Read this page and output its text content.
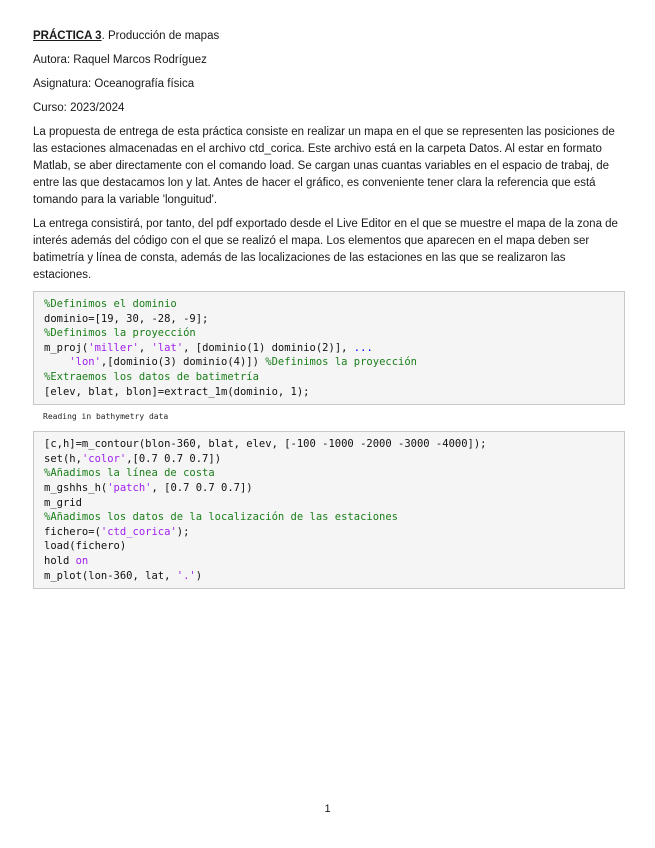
PRÁCTICA 3. Producción de mapas

Autora: Raquel Marcos Rodríguez

Asignatura: Oceanografía física

Curso: 2023/2024

La propuesta de entrega de esta práctica consiste en realizar un mapa en el que se representen las posiciones de las estaciones almacenadas en el archivo ctd_corica. Este archivo está en la carpeta Datos. Al estar en formato Matlab, se aber directamente con el comando load. Se cargan unas cuantas variables en el espacio de trabaj, de entre las que destacamos lon y lat. Antes de hacer el gráfico, es conveniente tener clara la referencia que está tomando para la variable 'longuitud'.

La entrega consistirá, por tanto, del pdf exportado desde el Live Editor en el que se muestre el mapa de la zona de interés además del código con el que se realizó el mapa. Los elementos que aparecen en el mapa deben ser batimetría y línea de consta, además de las localizaciones de las estaciones en las que se realizaron las estaciones.

%Definimos el dominio
dominio=[19, 30, -28, -9];
%Definimos la proyección
m_proj('miller', 'lat', [dominio(1) dominio(2)], ...
'lon',[dominio(3) dominio(4)]) %Definimos la proyección
%Extraemos los datos de batimetría
[elev, blat, blon]=extract_1m(dominio, 1);
Reading in bathymetry data
[c,h]=m_contour(blon-360, blat, elev, [-100 -1000 -2000 -3000 -4000]);
set(h,'color',[0.7 0.7 0.7])
%Añadimos la línea de costa
m_gshhs_h('patch', [0.7 0.7 0.7])
m_grid
%Añadimos los datos de la localización de las estaciones
fichero=('ctd_corica');
load(fichero)
hold on
m_plot(lon-360, lat, '.')
1
